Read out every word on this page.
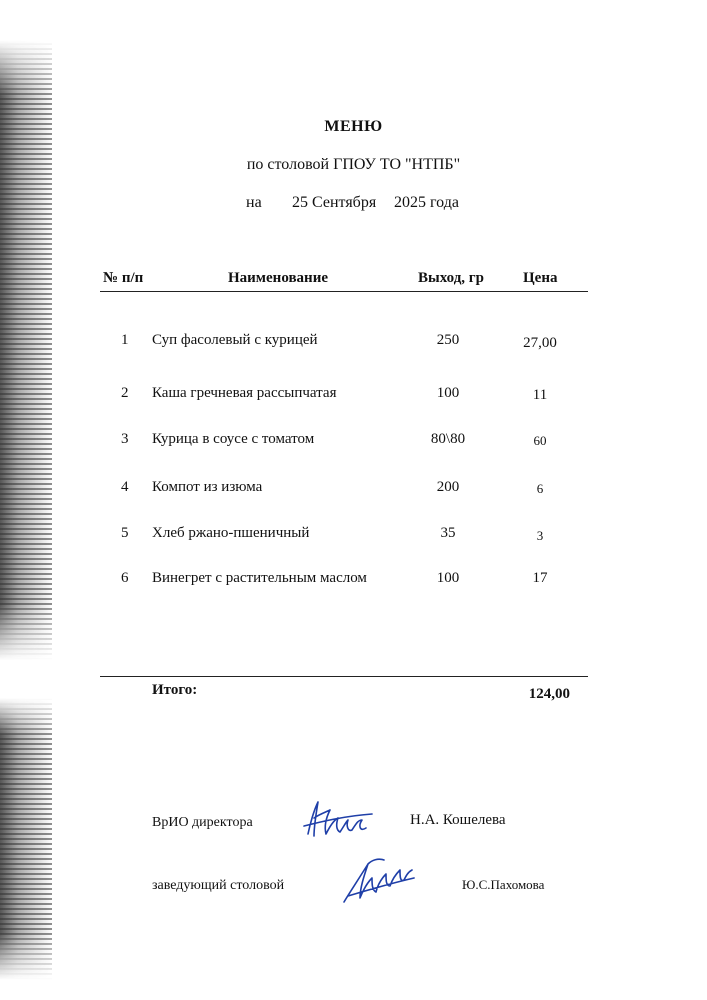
МЕНЮ
по столовой ГПОУ ТО "НТПБ"
на 25 Сентября 2025 года
№ п/п	Наименование	Выход, гр	Цена
1 Суп фасолевый с курицей	250	27,00
2 Каша гречневая рассыпчатая	100	11
3 Курица в соусе с томатом	80\80	60
4 Компот из изюма	200	6
5 Хлеб ржано-пшеничный	35	3
6 Винегрет с растительным маслом	100	17
Итого:	124,00
ВрИО директора	Н.А. Кошелева
заведующий столовой	Ю.С.Пахомова
